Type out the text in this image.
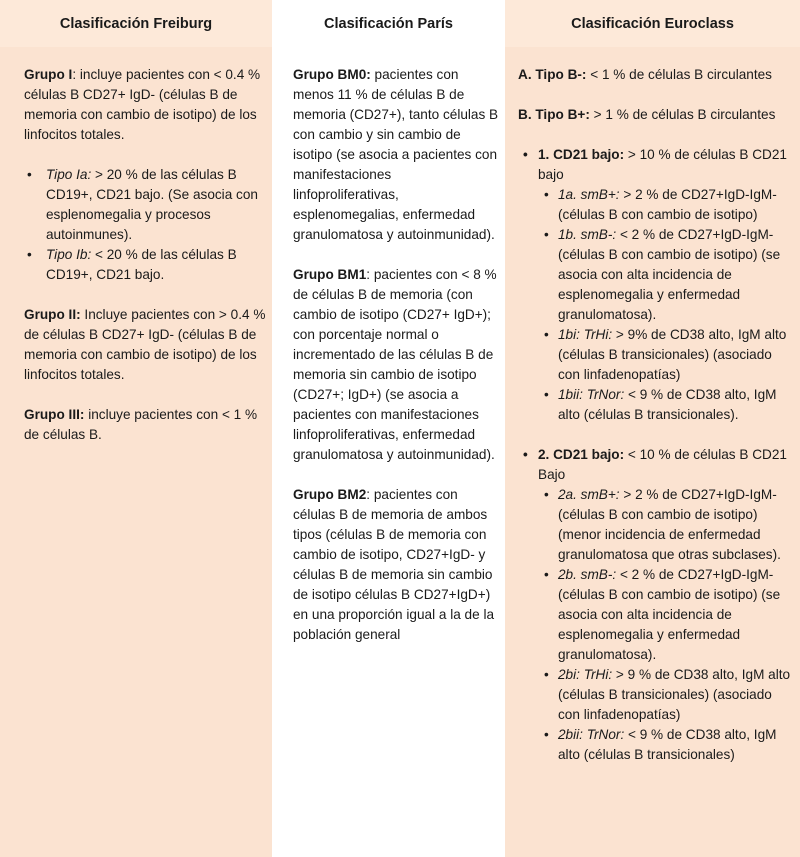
Clasificación Freiburg

Grupo I: incluye pacientes con < 0.4 % células B CD27+ IgD- (células B de memoria con cambio de isotipo) de los linfocitos totales.

• Tipo Ia: > 20 % de las células B CD19+, CD21 bajo. (Se asocia con esplenomegalia y procesos autoinmunes).
• Tipo Ib: < 20 % de las células B CD19+, CD21 bajo.

Grupo II: Incluye pacientes con > 0.4 % de células B CD27+ IgD- (células B de memoria con cambio de isotipo) de los linfocitos totales.

Grupo III: incluye pacientes con < 1 % de células B.

Clasificación París

Grupo BM0: pacientes con menos 11 % de células B de memoria (CD27+), tanto células B con cambio y sin cambio de isotipo (se asocia a pacientes con manifestaciones linfoproliferativas, esplenomegalias, enfermedad granulomatosa y autoinmunidad).

Grupo BM1: pacientes con < 8 % de células B de memoria (con cambio de isotipo (CD27+ IgD+); con porcentaje normal o incrementado de las células B de memoria sin cambio de isotipo (CD27+; IgD+) (se asocia a pacientes con manifestaciones linfoproliferativas, enfermedad granulomatosa y autoinmunidad).

Grupo BM2: pacientes con células B de memoria de ambos tipos (células B de memoria con cambio de isotipo, CD27+IgD- y células B de memoria sin cambio de isotipo células B CD27+IgD+) en una proporción igual a la de la población general

Clasificación Euroclass

A. Tipo B-: < 1 % de células B circulantes

B. Tipo B+: > 1 % de células B circulantes

• 1. CD21 bajo: > 10 % de células B CD21 bajo
• 1a. smB+: > 2 % de CD27+IgD-IgM- (células B con cambio de isotipo)
• 1b. smB-: < 2 % de CD27+IgD-IgM- (células B con cambio de isotipo) (se asocia con alta incidencia de esplenomegalia y enfermedad granulomatosa).
• 1bi: TrHi: > 9% de CD38 alto, IgM alto (células B transicionales) (asociado con linfadenopatías)
• 1bii: TrNor: < 9 % de CD38 alto, IgM alto (células B transicionales).
• 2. CD21 bajo: < 10 % de células B CD21 Bajo
• 2a. smB+: > 2 % de CD27+IgD-IgM- (células B con cambio de isotipo) (menor incidencia de enfermedad granulomatosa que otras subclases).
• 2b. smB-: < 2 % de CD27+IgD-IgM- (células B con cambio de isotipo) (se asocia con alta incidencia de esplenomegalia y enfermedad granulomatosa).
• 2bi: TrHi: > 9 % de CD38 alto, IgM alto (células B transicionales) (asociado con linfadenopatías)
• 2bii: TrNor: < 9 % de CD38 alto, IgM alto (células B transicionales)
